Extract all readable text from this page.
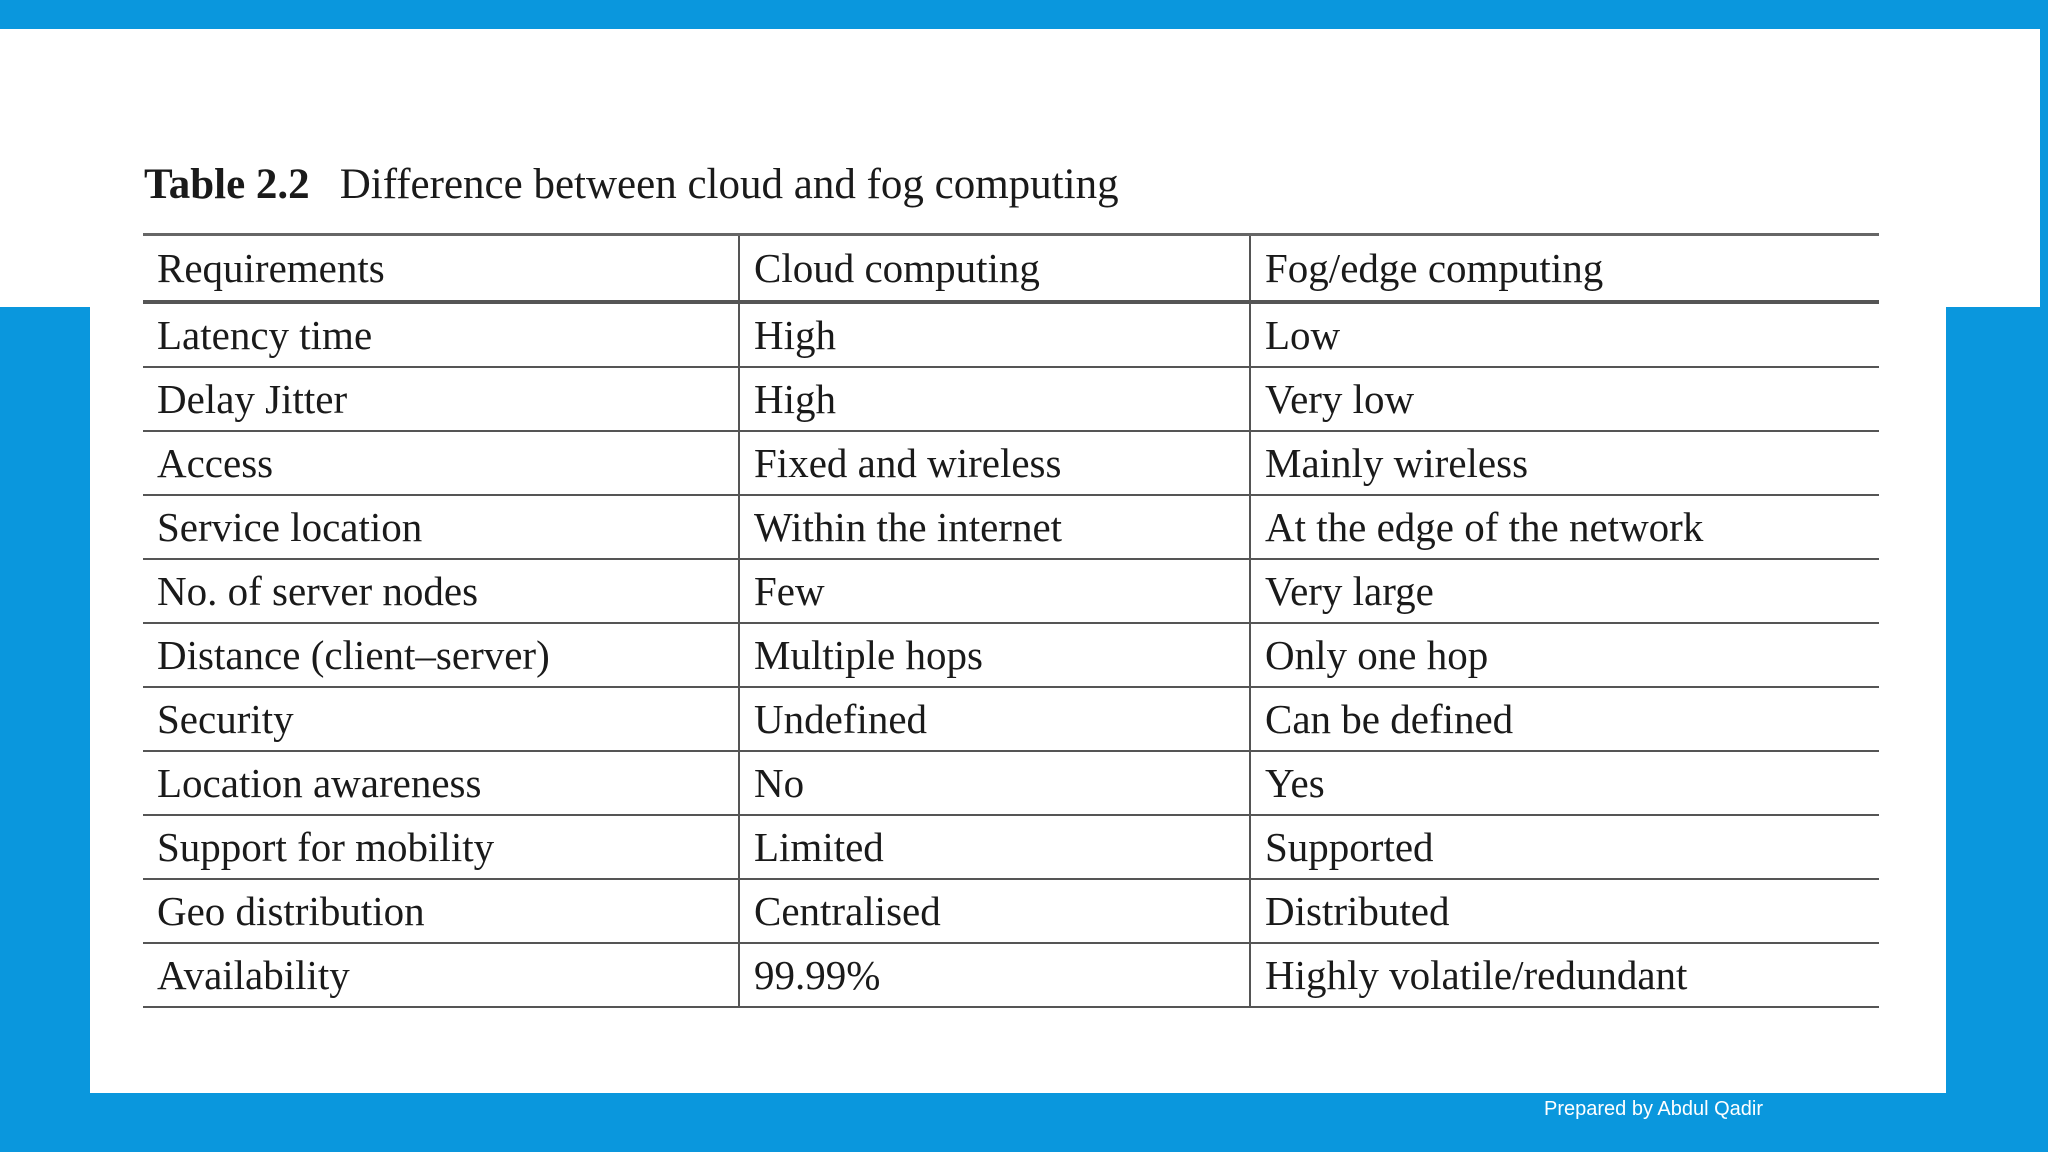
Table 2.2 Difference between cloud and fog computing
Requirements	Cloud computing	Fog/edge computing
Latency time	High	Low
Delay Jitter	High	Very low
Access	Fixed and wireless	Mainly wireless
Service location	Within the internet	At the edge of the network
No. of server nodes	Few	Very large
Distance (client–server)	Multiple hops	Only one hop
Security	Undefined	Can be defined
Location awareness	No	Yes
Support for mobility	Limited	Supported
Geo distribution	Centralised	Distributed
Availability	99.99%	Highly volatile/redundant
Prepared by Abdul Qadir
